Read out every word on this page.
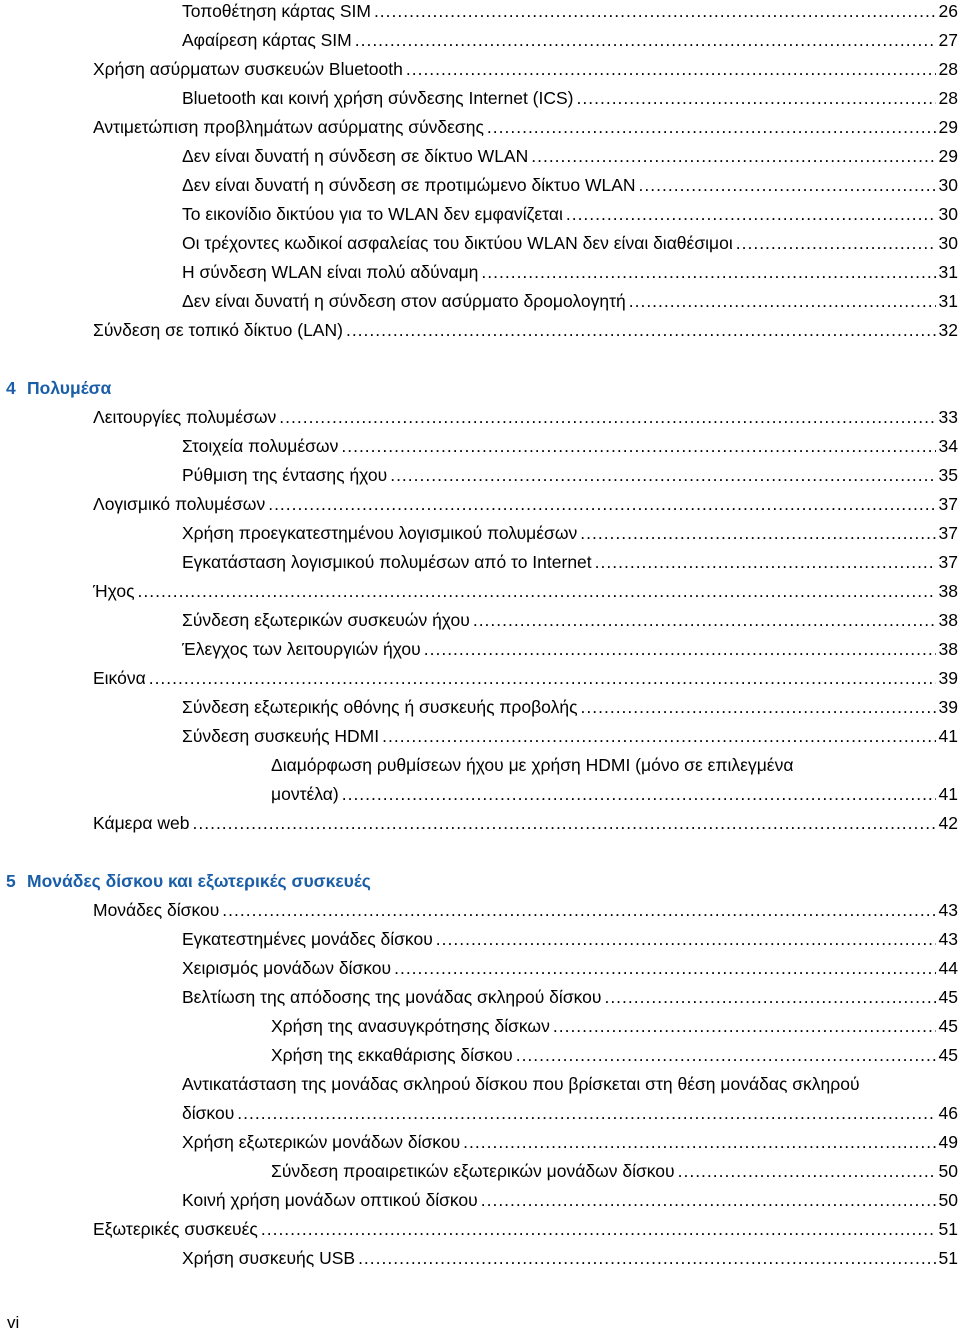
Τοποθέτηση κάρτας SIM .....	26
Αφαίρεση κάρτας SIM .....	27
Χρήση ασύρματων συσκευών Bluetooth .....	28
Bluetooth και κοινή χρήση σύνδεσης Internet (ICS) .....	28
Αντιμετώπιση προβλημάτων ασύρματης σύνδεσης .....	29
Δεν είναι δυνατή η σύνδεση σε δίκτυο WLAN .....	29
Δεν είναι δυνατή η σύνδεση σε προτιμώμενο δίκτυο WLAN .....	30
Το εικονίδιο δικτύου για το WLAN δεν εμφανίζεται .....	30
Οι τρέχοντες κωδικοί ασφαλείας του δικτύου WLAN δεν είναι διαθέσιμοι .....	30
Η σύνδεση WLAN είναι πολύ αδύναμη .....	31
Δεν είναι δυνατή η σύνδεση στον ασύρματο δρομολογητή .....	31
Σύνδεση σε τοπικό δίκτυο (LAN) .....	32
4 Πολυμέσα
Λειτουργίες πολυμέσων .....	33
Στοιχεία πολυμέσων .....	34
Ρύθμιση της έντασης ήχου .....	35
Λογισμικό πολυμέσων .....	37
Χρήση προεγκατεστημένου λογισμικού πολυμέσων .....	37
Εγκατάσταση λογισμικού πολυμέσων από το Internet .....	37
Ήχος .....	38
Σύνδεση εξωτερικών συσκευών ήχου .....	38
Έλεγχος των λειτουργιών ήχου .....	38
Εικόνα .....	39
Σύνδεση εξωτερικής οθόνης ή συσκευής προβολής .....	39
Σύνδεση συσκευής HDMI .....	41
Διαμόρφωση ρυθμίσεων ήχου με χρήση HDMI (μόνο σε επιλεγμένα
μοντέλα) .....	41
Κάμερα web .....	42
5 Μονάδες δίσκου και εξωτερικές συσκευές
Μονάδες δίσκου .....	43
Εγκατεστημένες μονάδες δίσκου .....	43
Χειρισμός μονάδων δίσκου .....	44
Βελτίωση της απόδοσης της μονάδας σκληρού δίσκου .....	45
Χρήση της ανασυγκρότησης δίσκων .....	45
Χρήση της εκκαθάρισης δίσκου .....	45
Αντικατάσταση της μονάδας σκληρού δίσκου που βρίσκεται στη θέση μονάδας σκληρού
δίσκου .....	46
Χρήση εξωτερικών μονάδων δίσκου .....	49
Σύνδεση προαιρετικών εξωτερικών μονάδων δίσκου .....	50
Κοινή χρήση μονάδων οπτικού δίσκου .....	50
Εξωτερικές συσκευές .....	51
Χρήση συσκευής USB .....	51
vi
